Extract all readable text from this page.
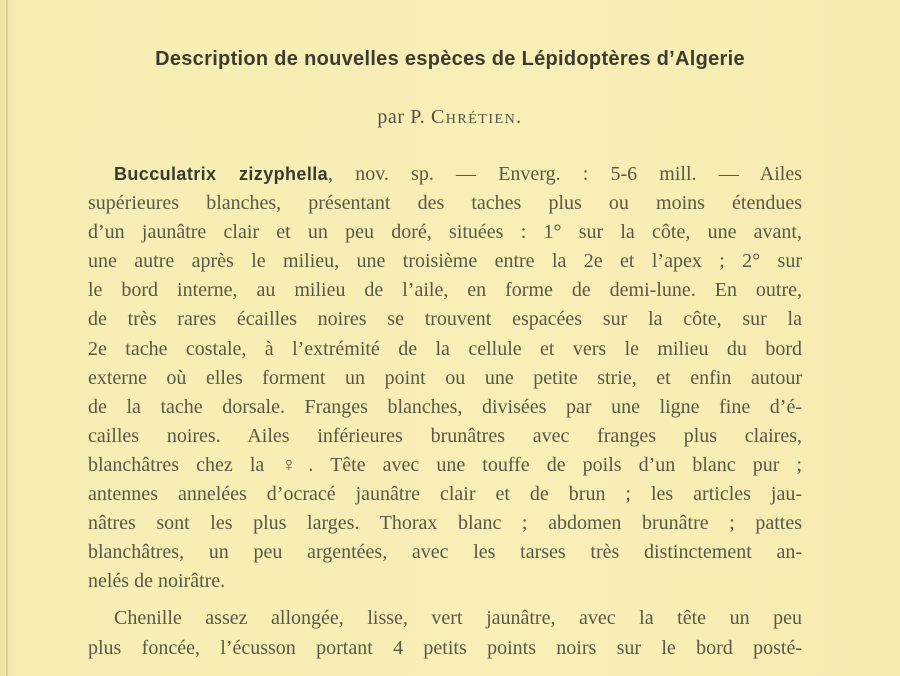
Description de nouvelles espèces de Lépidoptères d’Algerie
par P. Chrétien.
Bucculatrix zizyphella, nov. sp. — Enverg. : 5-6 mill. — Ailes
supérieures blanches, présentant des taches plus ou moins étendues
d’un jaunâtre clair et un peu doré, situées : 1° sur la côte, une avant,
une autre après le milieu, une troisième entre la 2e et l’apex ; 2° sur
le bord interne, au milieu de l’aile, en forme de demi-lune. En outre,
de très rares écailles noires se trouvent espacées sur la côte, sur la
2e tache costale, à l’extrémité de la cellule et vers le milieu du bord
externe où elles forment un point ou une petite strie, et enfin autour
de la tache dorsale. Franges blanches, divisées par une ligne fine d’é-
cailles noires. Ailes inférieures brunâtres avec franges plus claires,
blanchâtres chez la ♀. Tête avec une touffe de poils d’un blanc pur ;
antennes annelées d’ocracé jaunâtre clair et de brun ; les articles jau-
nâtres sont les plus larges. Thorax blanc ; abdomen brunâtre ; pattes
blanchâtres, un peu argentées, avec les tarses très distinctement an-
nelés de noirâtre.
Chenille assez allongée, lisse, vert jaunâtre, avec la tête un peu
plus foncée, l’écusson portant 4 petits points noirs sur le bord posté-
